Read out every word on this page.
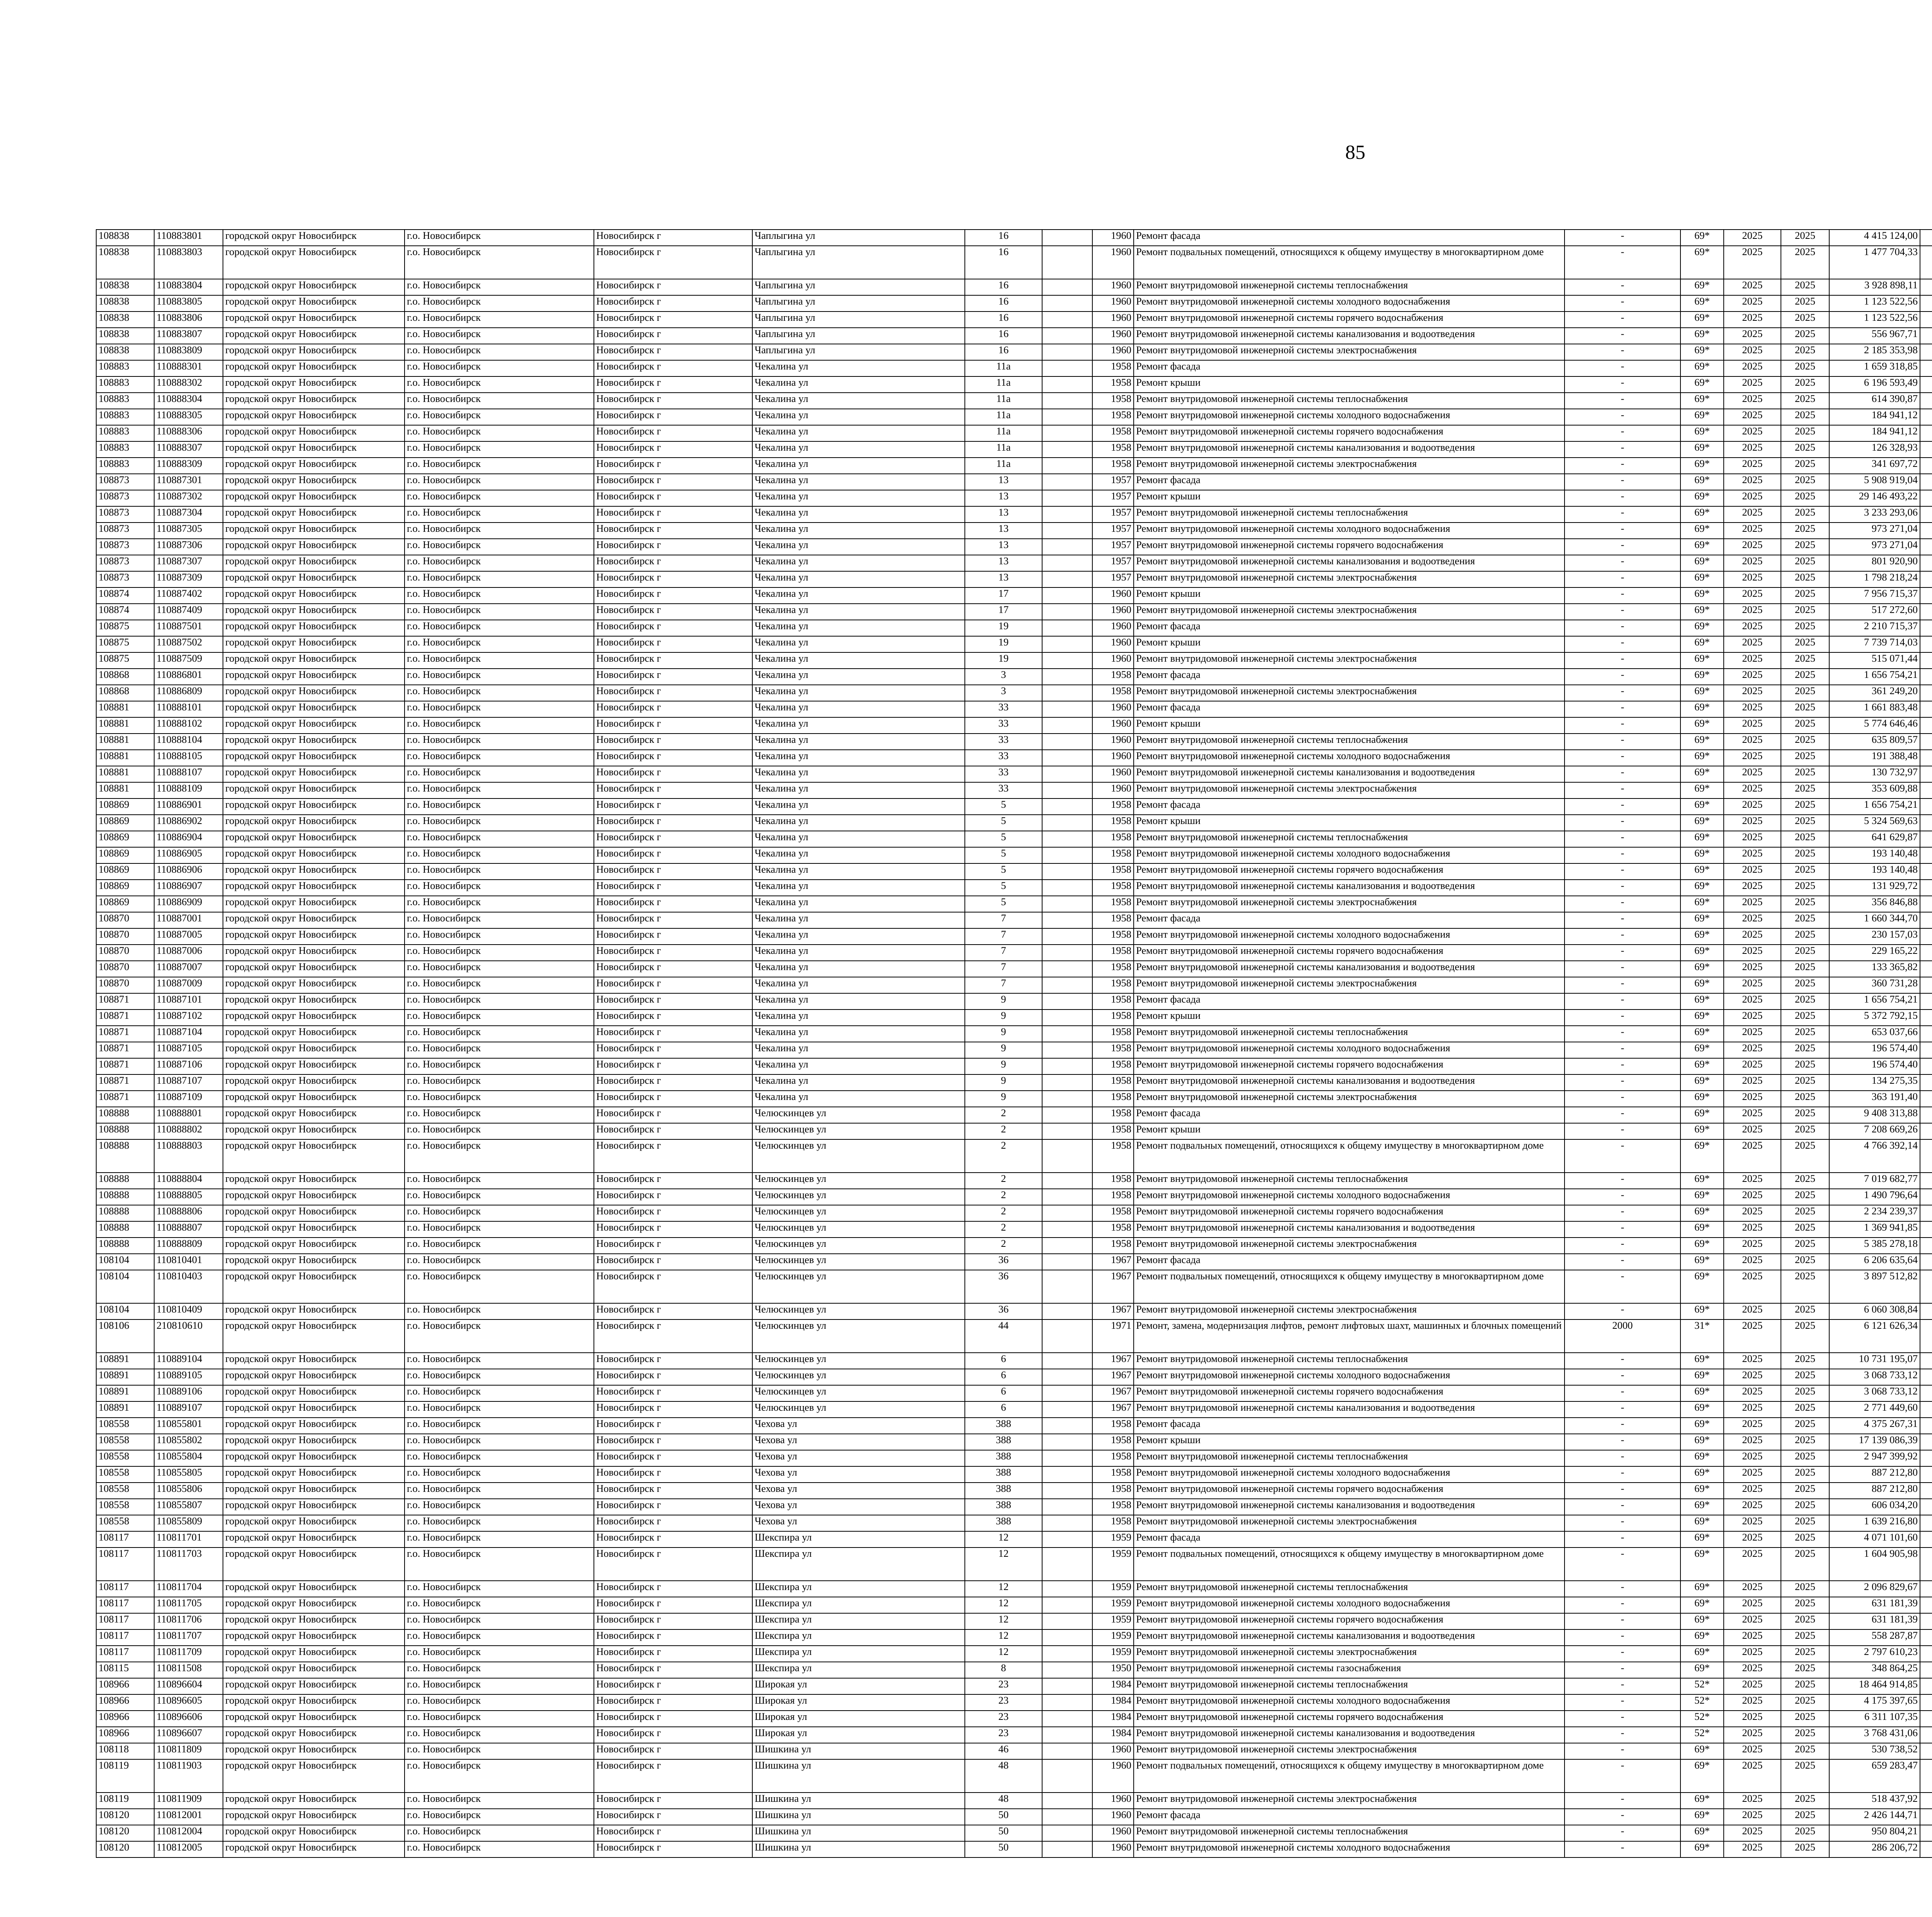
85
108838	110883801	городской округ Новосибирск	г.о. Новосибирск	Новосибирск г	Чаплыгина ул	16		1960	Ремонт фасада	-	69*	2025	2025	4 415 124,00							
108838	110883803	городской округ Новосибирск	г.о. Новосибирск	Новосибирск г	Чаплыгина ул	16		1960	Ремонт подвальных помещений, относящихся к общему имуществу в многоквартирном доме	-	69*	2025	2025	1 477 704,33							
108838	110883804	городской округ Новосибирск	г.о. Новосибирск	Новосибирск г	Чаплыгина ул	16		1960	Ремонт внутридомовой инженерной системы теплоснабжения	-	69*	2025	2025	3 928 898,11							
108838	110883805	городской округ Новосибирск	г.о. Новосибирск	Новосибирск г	Чаплыгина ул	16		1960	Ремонт внутридомовой инженерной системы холодного водоснабжения	-	69*	2025	2025	1 123 522,56							
108838	110883806	городской округ Новосибирск	г.о. Новосибирск	Новосибирск г	Чаплыгина ул	16		1960	Ремонт внутридомовой инженерной системы горячего водоснабжения	-	69*	2025	2025	1 123 522,56							
108838	110883807	городской округ Новосибирск	г.о. Новосибирск	Новосибирск г	Чаплыгина ул	16		1960	Ремонт внутридомовой инженерной системы канализования и водоотведения	-	69*	2025	2025	556 967,71							
108838	110883809	городской округ Новосибирск	г.о. Новосибирск	Новосибирск г	Чаплыгина ул	16		1960	Ремонт внутридомовой инженерной системы электроснабжения	-	69*	2025	2025	2 185 353,98							
108883	110888301	городской округ Новосибирск	г.о. Новосибирск	Новосибирск г	Чекалина ул	11а		1958	Ремонт фасада	-	69*	2025	2025	1 659 318,85							
108883	110888302	городской округ Новосибирск	г.о. Новосибирск	Новосибирск г	Чекалина ул	11а		1958	Ремонт крыши	-	69*	2025	2025	6 196 593,49							
108883	110888304	городской округ Новосибирск	г.о. Новосибирск	Новосибирск г	Чекалина ул	11а		1958	Ремонт внутридомовой инженерной системы теплоснабжения	-	69*	2025	2025	614 390,87							
108883	110888305	городской округ Новосибирск	г.о. Новосибирск	Новосибирск г	Чекалина ул	11а		1958	Ремонт внутридомовой инженерной системы холодного водоснабжения	-	69*	2025	2025	184 941,12							
108883	110888306	городской округ Новосибирск	г.о. Новосибирск	Новосибирск г	Чекалина ул	11а		1958	Ремонт внутридомовой инженерной системы горячего водоснабжения	-	69*	2025	2025	184 941,12							
108883	110888307	городской округ Новосибирск	г.о. Новосибирск	Новосибирск г	Чекалина ул	11а		1958	Ремонт внутридомовой инженерной системы канализования и водоотведения	-	69*	2025	2025	126 328,93							
108883	110888309	городской округ Новосибирск	г.о. Новосибирск	Новосибирск г	Чекалина ул	11а		1958	Ремонт внутридомовой инженерной системы электроснабжения	-	69*	2025	2025	341 697,72							
108873	110887301	городской округ Новосибирск	г.о. Новосибирск	Новосибирск г	Чекалина ул	13		1957	Ремонт фасада	-	69*	2025	2025	5 908 919,04							
108873	110887302	городской округ Новосибирск	г.о. Новосибирск	Новосибирск г	Чекалина ул	13		1957	Ремонт крыши	-	69*	2025	2025	29 146 493,22							
108873	110887304	городской округ Новосибирск	г.о. Новосибирск	Новосибирск г	Чекалина ул	13		1957	Ремонт внутридомовой инженерной системы теплоснабжения	-	69*	2025	2025	3 233 293,06							
108873	110887305	городской округ Новосибирск	г.о. Новосибирск	Новосибирск г	Чекалина ул	13		1957	Ремонт внутридомовой инженерной системы холодного водоснабжения	-	69*	2025	2025	973 271,04							
108873	110887306	городской округ Новосибирск	г.о. Новосибирск	Новосибирск г	Чекалина ул	13		1957	Ремонт внутридомовой инженерной системы горячего водоснабжения	-	69*	2025	2025	973 271,04							
108873	110887307	городской округ Новосибирск	г.о. Новосибирск	Новосибирск г	Чекалина ул	13		1957	Ремонт внутридомовой инженерной системы канализования и водоотведения	-	69*	2025	2025	801 920,90							
108873	110887309	городской округ Новосибирск	г.о. Новосибирск	Новосибирск г	Чекалина ул	13		1957	Ремонт внутридомовой инженерной системы электроснабжения	-	69*	2025	2025	1 798 218,24							
108874	110887402	городской округ Новосибирск	г.о. Новосибирск	Новосибирск г	Чекалина ул	17		1960	Ремонт крыши	-	69*	2025	2025	7 956 715,37							
108874	110887409	городской округ Новосибирск	г.о. Новосибирск	Новосибирск г	Чекалина ул	17		1960	Ремонт внутридомовой инженерной системы электроснабжения	-	69*	2025	2025	517 272,60							
108875	110887501	городской округ Новосибирск	г.о. Новосибирск	Новосибирск г	Чекалина ул	19		1960	Ремонт фасада	-	69*	2025	2025	2 210 715,37							
108875	110887502	городской округ Новосибирск	г.о. Новосибирск	Новосибирск г	Чекалина ул	19		1960	Ремонт крыши	-	69*	2025	2025	7 739 714,03							
108875	110887509	городской округ Новосибирск	г.о. Новосибирск	Новосибирск г	Чекалина ул	19		1960	Ремонт внутридомовой инженерной системы электроснабжения	-	69*	2025	2025	515 071,44							
108868	110886801	городской округ Новосибирск	г.о. Новосибирск	Новосибирск г	Чекалина ул	3		1958	Ремонт фасада	-	69*	2025	2025	1 656 754,21							
108868	110886809	городской округ Новосибирск	г.о. Новосибирск	Новосибирск г	Чекалина ул	3		1958	Ремонт внутридомовой инженерной системы электроснабжения	-	69*	2025	2025	361 249,20							
108881	110888101	городской округ Новосибирск	г.о. Новосибирск	Новосибирск г	Чекалина ул	33		1960	Ремонт фасада	-	69*	2025	2025	1 661 883,48							
108881	110888102	городской округ Новосибирск	г.о. Новосибирск	Новосибирск г	Чекалина ул	33		1960	Ремонт крыши	-	69*	2025	2025	5 774 646,46							
108881	110888104	городской округ Новосибирск	г.о. Новосибирск	Новосибирск г	Чекалина ул	33		1960	Ремонт внутридомовой инженерной системы теплоснабжения	-	69*	2025	2025	635 809,57							
108881	110888105	городской округ Новосибирск	г.о. Новосибирск	Новосибирск г	Чекалина ул	33		1960	Ремонт внутридомовой инженерной системы холодного водоснабжения	-	69*	2025	2025	191 388,48							
108881	110888107	городской округ Новосибирск	г.о. Новосибирск	Новосибирск г	Чекалина ул	33		1960	Ремонт внутридомовой инженерной системы канализования и водоотведения	-	69*	2025	2025	130 732,97							
108881	110888109	городской округ Новосибирск	г.о. Новосибирск	Новосибирск г	Чекалина ул	33		1960	Ремонт внутридомовой инженерной системы электроснабжения	-	69*	2025	2025	353 609,88							
108869	110886901	городской округ Новосибирск	г.о. Новосибирск	Новосибирск г	Чекалина ул	5		1958	Ремонт фасада	-	69*	2025	2025	1 656 754,21							
108869	110886902	городской округ Новосибирск	г.о. Новосибирск	Новосибирск г	Чекалина ул	5		1958	Ремонт крыши	-	69*	2025	2025	5 324 569,63							
108869	110886904	городской округ Новосибирск	г.о. Новосибирск	Новосибирск г	Чекалина ул	5		1958	Ремонт внутридомовой инженерной системы теплоснабжения	-	69*	2025	2025	641 629,87							
108869	110886905	городской округ Новосибирск	г.о. Новосибирск	Новосибирск г	Чекалина ул	5		1958	Ремонт внутридомовой инженерной системы холодного водоснабжения	-	69*	2025	2025	193 140,48							
108869	110886906	городской округ Новосибирск	г.о. Новосибирск	Новосибирск г	Чекалина ул	5		1958	Ремонт внутридомовой инженерной системы горячего водоснабжения	-	69*	2025	2025	193 140,48							
108869	110886907	городской округ Новосибирск	г.о. Новосибирск	Новосибирск г	Чекалина ул	5		1958	Ремонт внутридомовой инженерной системы канализования и водоотведения	-	69*	2025	2025	131 929,72							
108869	110886909	городской округ Новосибирск	г.о. Новосибирск	Новосибирск г	Чекалина ул	5		1958	Ремонт внутридомовой инженерной системы электроснабжения	-	69*	2025	2025	356 846,88							
108870	110887001	городской округ Новосибирск	г.о. Новосибирск	Новосибирск г	Чекалина ул	7		1958	Ремонт фасада	-	69*	2025	2025	1 660 344,70							
108870	110887005	городской округ Новосибирск	г.о. Новосибирск	Новосибирск г	Чекалина ул	7		1958	Ремонт внутридомовой инженерной системы холодного водоснабжения	-	69*	2025	2025	230 157,03							
108870	110887006	городской округ Новосибирск	г.о. Новосибирск	Новосибирск г	Чекалина ул	7		1958	Ремонт внутридомовой инженерной системы горячего водоснабжения	-	69*	2025	2025	229 165,22							
108870	110887007	городской округ Новосибирск	г.о. Новосибирск	Новосибирск г	Чекалина ул	7		1958	Ремонт внутридомовой инженерной системы канализования и водоотведения	-	69*	2025	2025	133 365,82							
108870	110887009	городской округ Новосибирск	г.о. Новосибирск	Новосибирск г	Чекалина ул	7		1958	Ремонт внутридомовой инженерной системы электроснабжения	-	69*	2025	2025	360 731,28							
108871	110887101	городской округ Новосибирск	г.о. Новосибирск	Новосибирск г	Чекалина ул	9		1958	Ремонт фасада	-	69*	2025	2025	1 656 754,21							
108871	110887102	городской округ Новосибирск	г.о. Новосибирск	Новосибирск г	Чекалина ул	9		1958	Ремонт крыши	-	69*	2025	2025	5 372 792,15							
108871	110887104	городской округ Новосибирск	г.о. Новосибирск	Новосибирск г	Чекалина ул	9		1958	Ремонт внутридомовой инженерной системы теплоснабжения	-	69*	2025	2025	653 037,66							
108871	110887105	городской округ Новосибирск	г.о. Новосибирск	Новосибирск г	Чекалина ул	9		1958	Ремонт внутридомовой инженерной системы холодного водоснабжения	-	69*	2025	2025	196 574,40							
108871	110887106	городской округ Новосибирск	г.о. Новосибирск	Новосибирск г	Чекалина ул	9		1958	Ремонт внутридомовой инженерной системы горячего водоснабжения	-	69*	2025	2025	196 574,40							
108871	110887107	городской округ Новосибирск	г.о. Новосибирск	Новосибирск г	Чекалина ул	9		1958	Ремонт внутридомовой инженерной системы канализования и водоотведения	-	69*	2025	2025	134 275,35							
108871	110887109	городской округ Новосибирск	г.о. Новосибирск	Новосибирск г	Чекалина ул	9		1958	Ремонт внутридомовой инженерной системы электроснабжения	-	69*	2025	2025	363 191,40							
108888	110888801	городской округ Новосибирск	г.о. Новосибирск	Новосибирск г	Челюскинцев ул	2		1958	Ремонт фасада	-	69*	2025	2025	9 408 313,88							
108888	110888802	городской округ Новосибирск	г.о. Новосибирск	Новосибирск г	Челюскинцев ул	2		1958	Ремонт крыши	-	69*	2025	2025	7 208 669,26							
108888	110888803	городской округ Новосибирск	г.о. Новосибирск	Новосибирск г	Челюскинцев ул	2		1958	Ремонт подвальных помещений, относящихся к общему имуществу в многоквартирном доме	-	69*	2025	2025	4 766 392,14							
108888	110888804	городской округ Новосибирск	г.о. Новосибирск	Новосибирск г	Челюскинцев ул	2		1958	Ремонт внутридомовой инженерной системы теплоснабжения	-	69*	2025	2025	7 019 682,77							
108888	110888805	городской округ Новосибирск	г.о. Новосибирск	Новосибирск г	Челюскинцев ул	2		1958	Ремонт внутридомовой инженерной системы холодного водоснабжения	-	69*	2025	2025	1 490 796,64							
108888	110888806	городской округ Новосибирск	г.о. Новосибирск	Новосибирск г	Челюскинцев ул	2		1958	Ремонт внутридомовой инженерной системы горячего водоснабжения	-	69*	2025	2025	2 234 239,37							
108888	110888807	городской округ Новосибирск	г.о. Новосибирск	Новосибирск г	Челюскинцев ул	2		1958	Ремонт внутридомовой инженерной системы канализования и водоотведения	-	69*	2025	2025	1 369 941,85							
108888	110888809	городской округ Новосибирск	г.о. Новосибирск	Новосибирск г	Челюскинцев ул	2		1958	Ремонт внутридомовой инженерной системы электроснабжения	-	69*	2025	2025	5 385 278,18							
108104	110810401	городской округ Новосибирск	г.о. Новосибирск	Новосибирск г	Челюскинцев ул	36		1967	Ремонт фасада	-	69*	2025	2025	6 206 635,64							
108104	110810403	городской округ Новосибирск	г.о. Новосибирск	Новосибирск г	Челюскинцев ул	36		1967	Ремонт подвальных помещений, относящихся к общему имуществу в многоквартирном доме	-	69*	2025	2025	3 897 512,82							
108104	110810409	городской округ Новосибирск	г.о. Новосибирск	Новосибирск г	Челюскинцев ул	36		1967	Ремонт внутридомовой инженерной системы электроснабжения	-	69*	2025	2025	6 060 308,84							
108106	210810610	городской округ Новосибирск	г.о. Новосибирск	Новосибирск г	Челюскинцев ул	44		1971	Ремонт, замена, модернизация лифтов, ремонт лифтовых шахт, машинных и блочных помещений	2000	31*	2025	2025	6 121 626,34							
108891	110889104	городской округ Новосибирск	г.о. Новосибирск	Новосибирск г	Челюскинцев ул	6		1967	Ремонт внутридомовой инженерной системы теплоснабжения	-	69*	2025	2025	10 731 195,07							
108891	110889105	городской округ Новосибирск	г.о. Новосибирск	Новосибирск г	Челюскинцев ул	6		1967	Ремонт внутридомовой инженерной системы холодного водоснабжения	-	69*	2025	2025	3 068 733,12							
108891	110889106	городской округ Новосибирск	г.о. Новосибирск	Новосибирск г	Челюскинцев ул	6		1967	Ремонт внутридомовой инженерной системы горячего водоснабжения	-	69*	2025	2025	3 068 733,12							
108891	110889107	городской округ Новосибирск	г.о. Новосибирск	Новосибирск г	Челюскинцев ул	6		1967	Ремонт внутридомовой инженерной системы канализования и водоотведения	-	69*	2025	2025	2 771 449,60							
108558	110855801	городской округ Новосибирск	г.о. Новосибирск	Новосибирск г	Чехова ул	388		1958	Ремонт фасада	-	69*	2025	2025	4 375 267,31							
108558	110855802	городской округ Новосибирск	г.о. Новосибирск	Новосибирск г	Чехова ул	388		1958	Ремонт крыши	-	69*	2025	2025	17 139 086,39							
108558	110855804	городской округ Новосибирск	г.о. Новосибирск	Новосибирск г	Чехова ул	388		1958	Ремонт внутридомовой инженерной системы теплоснабжения	-	69*	2025	2025	2 947 399,92							
108558	110855805	городской округ Новосибирск	г.о. Новосибирск	Новосибирск г	Чехова ул	388		1958	Ремонт внутридомовой инженерной системы холодного водоснабжения	-	69*	2025	2025	887 212,80							
108558	110855806	городской округ Новосибирск	г.о. Новосибирск	Новосибирск г	Чехова ул	388		1958	Ремонт внутридомовой инженерной системы горячего водоснабжения	-	69*	2025	2025	887 212,80							
108558	110855807	городской округ Новосибирск	г.о. Новосибирск	Новосибирск г	Чехова ул	388		1958	Ремонт внутридомовой инженерной системы канализования и водоотведения	-	69*	2025	2025	606 034,20							
108558	110855809	городской округ Новосибирск	г.о. Новосибирск	Новосибирск г	Чехова ул	388		1958	Ремонт внутридомовой инженерной системы электроснабжения	-	69*	2025	2025	1 639 216,80							
108117	110811701	городской округ Новосибирск	г.о. Новосибирск	Новосибирск г	Шекспира ул	12		1959	Ремонт фасада	-	69*	2025	2025	4 071 101,60							
108117	110811703	городской округ Новосибирск	г.о. Новосибирск	Новосибирск г	Шекспира ул	12		1959	Ремонт подвальных помещений, относящихся к общему имуществу в многоквартирном доме	-	69*	2025	2025	1 604 905,98							
108117	110811704	городской округ Новосибирск	г.о. Новосибирск	Новосибирск г	Шекспира ул	12		1959	Ремонт внутридомовой инженерной системы теплоснабжения	-	69*	2025	2025	2 096 829,67							
108117	110811705	городской округ Новосибирск	г.о. Новосибирск	Новосибирск г	Шекспира ул	12		1959	Ремонт внутридомовой инженерной системы холодного водоснабжения	-	69*	2025	2025	631 181,39							
108117	110811706	городской округ Новосибирск	г.о. Новосибирск	Новосибирск г	Шекспира ул	12		1959	Ремонт внутридомовой инженерной системы горячего водоснабжения	-	69*	2025	2025	631 181,39							
108117	110811707	городской округ Новосибирск	г.о. Новосибирск	Новосибирск г	Шекспира ул	12		1959	Ремонт внутридомовой инженерной системы канализования и водоотведения	-	69*	2025	2025	558 287,87							
108117	110811709	городской округ Новосибирск	г.о. Новосибирск	Новосибирск г	Шекспира ул	12		1959	Ремонт внутридомовой инженерной системы электроснабжения	-	69*	2025	2025	2 797 610,23							
108115	110811508	городской округ Новосибирск	г.о. Новосибирск	Новосибирск г	Шекспира ул	8		1950	Ремонт внутридомовой инженерной системы газоснабжения	-	69*	2025	2025	348 864,25							
108966	110896604	городской округ Новосибирск	г.о. Новосибирск	Новосибирск г	Широкая ул	23		1984	Ремонт внутридомовой инженерной системы теплоснабжения	-	52*	2025	2025	18 464 914,85							
108966	110896605	городской округ Новосибирск	г.о. Новосибирск	Новосибирск г	Широкая ул	23		1984	Ремонт внутридомовой инженерной системы холодного водоснабжения	-	52*	2025	2025	4 175 397,65							
108966	110896606	городской округ Новосибирск	г.о. Новосибирск	Новосибирск г	Широкая ул	23		1984	Ремонт внутридомовой инженерной системы горячего водоснабжения	-	52*	2025	2025	6 311 107,35							
108966	110896607	городской округ Новосибирск	г.о. Новосибирск	Новосибирск г	Широкая ул	23		1984	Ремонт внутридомовой инженерной системы канализования и водоотведения	-	52*	2025	2025	3 768 431,06							
108118	110811809	городской округ Новосибирск	г.о. Новосибирск	Новосибирск г	Шишкина ул	46		1960	Ремонт внутридомовой инженерной системы электроснабжения	-	69*	2025	2025	530 738,52							
108119	110811903	городской округ Новосибирск	г.о. Новосибирск	Новосибирск г	Шишкина ул	48		1960	Ремонт подвальных помещений, относящихся к общему имуществу в многоквартирном доме	-	69*	2025	2025	659 283,47							
108119	110811909	городской округ Новосибирск	г.о. Новосибирск	Новосибирск г	Шишкина ул	48		1960	Ремонт внутридомовой инженерной системы электроснабжения	-	69*	2025	2025	518 437,92							
108120	110812001	городской округ Новосибирск	г.о. Новосибирск	Новосибирск г	Шишкина ул	50		1960	Ремонт фасада	-	69*	2025	2025	2 426 144,71							
108120	110812004	городской округ Новосибирск	г.о. Новосибирск	Новосибирск г	Шишкина ул	50		1960	Ремонт внутридомовой инженерной системы теплоснабжения	-	69*	2025	2025	950 804,21							
108120	110812005	городской округ Новосибирск	г.о. Новосибирск	Новосибирск г	Шишкина ул	50		1960	Ремонт внутридомовой инженерной системы холодного водоснабжения	-	69*	2025	2025	286 206,72							
